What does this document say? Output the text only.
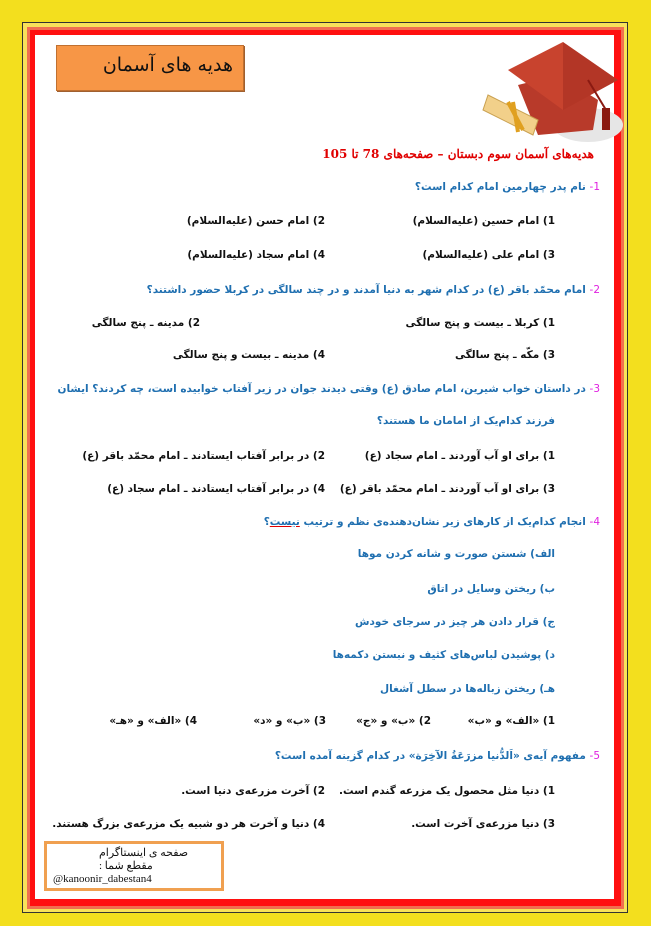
هدیه های آسمان
هدیه‌های آسمان سوم دبستان – صفحه‌های 78 تا 105
1- نام پدر چهارمین امام کدام است؟
1) امام حسین (علیه‌السلام)
2) امام حسن (علیه‌السلام)
3) امام علی (علیه‌السلام)
4) امام سجاد (علیه‌السلام)
2- امام محمّد باقر (ع) در کدام شهر به دنیا آمدند و در چند سالگی در کربلا حضور داشتند؟
1) کربلا ـ بیست و پنج سالگی
2) مدینه ـ پنج سالگی
3) مکّه ـ پنج سالگی
4) مدینه ـ بیست و پنج سالگی
3- در داستان خواب شیرین، امام صادق (ع) وقتی دیدند جوان در زیر آفتاب خوابیده است، چه کردند؟ ایشان
فرزند کدام‌یک از امامان ما هستند؟
1) برای او آب آوردند ـ امام سجاد (ع)
2) در برابر آفتاب ایستادند ـ امام محمّد باقر (ع)
3) برای او آب آوردند ـ امام محمّد باقر (ع)
4) در برابر آفتاب ایستادند ـ امام سجاد (ع)
4- انجام کدام‌یک از کارهای زیر نشان‌دهنده‌ی نظم و ترتیب نیست؟
الف) شستن صورت و شانه کردن موها
ب) ریختن وسایل در اتاق
ج) قرار دادن هر چیز در سرجای خودش
د) پوشیدن لباس‌های کثیف و نبستن دکمه‌ها
هـ) ریختن زباله‌ها در سطل آشغال
1) «الف» و «ب»
2) «ب» و «ج»
3) «ب» و «د»
4) «الف» و «هـ»
5- مفهوم آیه‌ی «اَلدُّنیا مزرَعَةُ الآخِرَة» در کدام گزینه آمده است؟
1) دنیا مثل محصول یک مزرعه گندم است.
2) آخرت مزرعه‌ی دنیا است.
3) دنیا مزرعه‌ی آخرت است.
4) دنیا و آخرت هر دو شبیه یک مزرعه‌ی بزرگ هستند.
صفحه ی اینستاگرام
مقطع شما :
@kanoonir_dabestan4
